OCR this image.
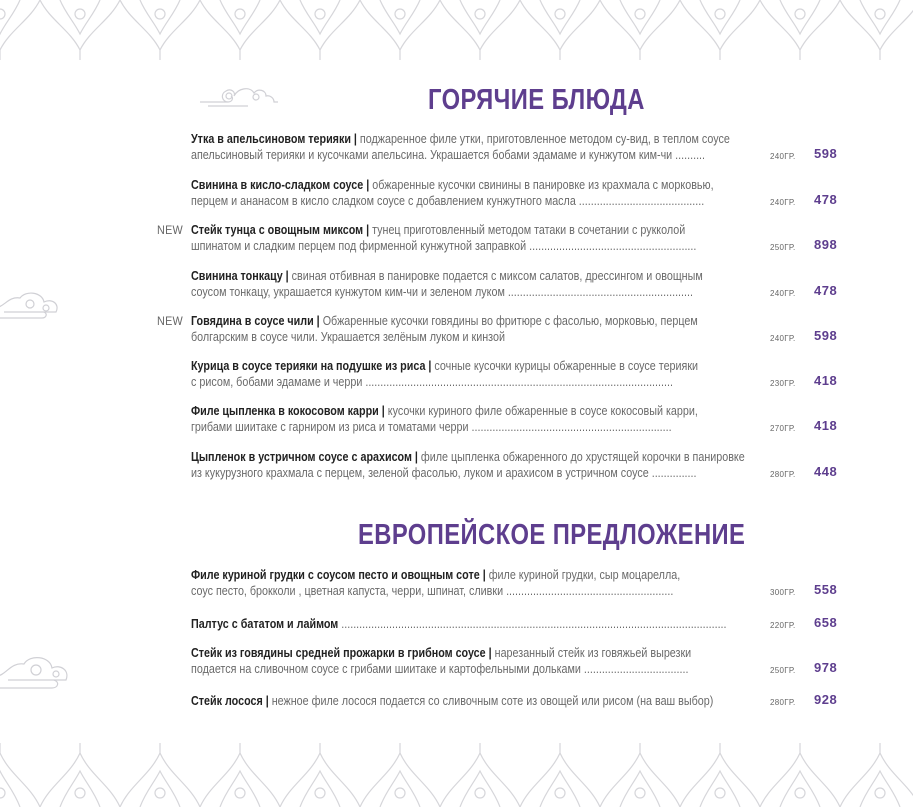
ГОРЯЧИЕ БЛЮДА
Утка в апельсиновом терияки | поджаренное филе утки, приготовленное методом су-вид, в теплом соусе
апельсиновый терияки и кусочками апельсина. Украшается бобами эдамаме и кунжутом ким-чи ..........	240ГР. 598
Свинина в кисло-сладком соусе | обжаренные кусочки свинины в панировке из крахмала с морковью,
перцем и ананасом в кисло сладком соусе с добавлением кунжутного масла ..........................................	240ГР. 478
NEW Стейк тунца с овощным миксом | тунец приготовленный методом татаки в сочетании с рукколой
шпинатом и сладким перцем под фирменной кунжутной заправкой ........................................................	250ГР. 898
Свинина тонкацу | свиная отбивная в панировке подается с миксом салатов, дрессингом и овощным
соусом тонкацу, украшается кунжутом ким-чи и зеленом луком ..............................................................	240ГР. 478
NEW Говядина в соусе чили | Обжаренные кусочки говядины во фритюре с фасолью, морковью, перцем
болгарским в соусе чили. Украшается зелёным луком и кинзой	240ГР. 598
Курица в соусе терияки на подушке из риса | сочные кусочки курицы обжаренные в соусе терияки
с рисом, бобами эдамаме и черри .......................................................................................................	230ГР. 418
Филе цыпленка в кокосовом карри | кусочки куриного филе обжаренные в соусе кокосовый карри,
грибами шиитаке с гарниром из риса и томатами черри ...................................................................	270ГР. 418
Цыпленок в устричном соусе с арахисом | филе цыпленка обжаренного до хрустящей корочки в панировке
из кукурузного крахмала с перцем, зеленой фасолью, луком и арахисом в устричном соусе ...............	280ГР. 448
ЕВРОПЕЙСКОЕ ПРЕДЛОЖЕНИЕ
Филе куриной грудки с соусом песто и овощным соте | филе куриной грудки, сыр моцарелла,
соус песто, брокколи , цветная капуста, черри, шпинат, сливки ........................................................	300ГР. 558
Палтус с бататом и лаймом .................................................................................................................................	220ГР. 658
Стейк из говядины средней прожарки в грибном соусе | нарезанный стейк из говяжьей вырезки
подается на сливочном соусе с грибами шиитаке и картофельными дольками ...................................	250ГР. 978
Стейк лосося | нежное филе лосося подается со сливочным соте из овощей или рисом (на ваш выбор)	280ГР. 928
